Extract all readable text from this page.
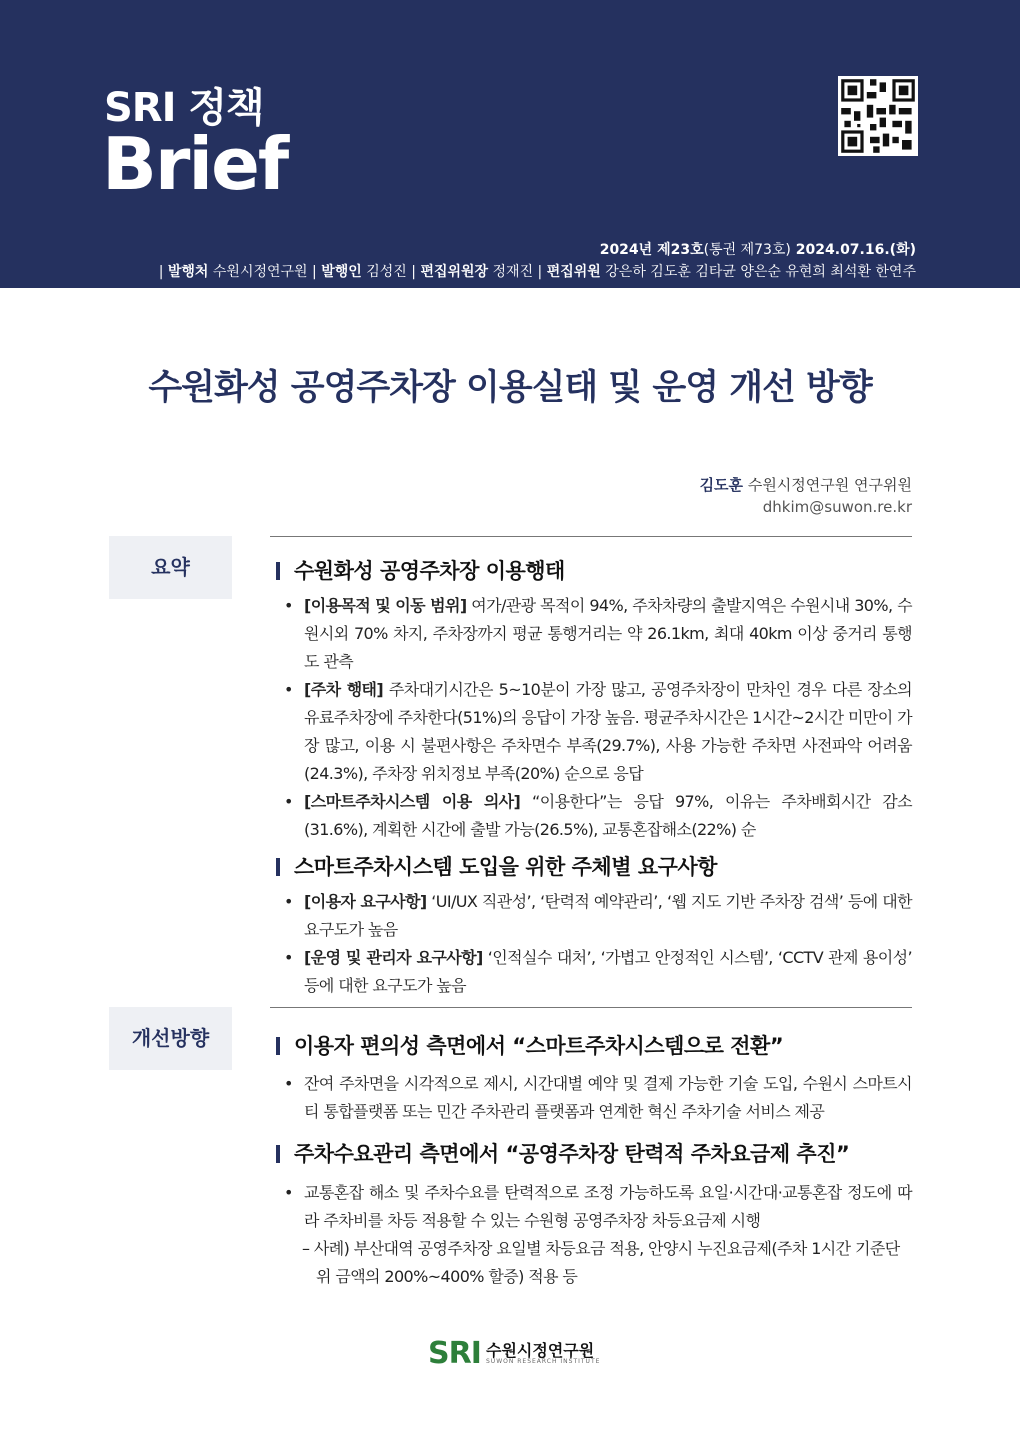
SRI 정책
Brief
2024년 제23호(통권 제73호) 2024.07.16.(화)
| 발행처 수원시정연구원 | 발행인 김성진 | 편집위원장 정재진 | 편집위원 강은하 김도훈 김타균 양은순 유현희 최석환 한연주
수원화성 공영주차장 이용실태 및 운영 개선 방향
김도훈 수원시정연구원 연구위원
dhkim@suwon.re.kr
요약	수원화성 공영주차장 이용행태
• [이용목적 및 이동 범위] 여가/관광 목적이 94%, 주차차량의 출발지역은 수원시내 30%, 수원시외 70% 차지, 주차장까지 평균 통행거리는 약 26.1km, 최대 40km 이상 중거리 통행도 관측
• [주차 행태] 주차대기시간은 5~10분이 가장 많고, 공영주차장이 만차인 경우 다른 장소의 유료주차장에 주차한다(51%)의 응답이 가장 높음. 평균주차시간은 1시간~2시간 미만이 가장 많고, 이용 시 불편사항은 주차면수 부족(29.7%), 사용 가능한 주차면 사전파악 어려움(24.3%), 주차장 위치정보 부족(20%) 순으로 응답
• [스마트주차시스템 이용 의사] “이용한다”는 응답 97%, 이유는 주차배회시간 감소(31.6%), 계획한 시간에 출발 가능(26.5%), 교통혼잡해소(22%) 순
스마트주차시스템 도입을 위한 주체별 요구사항
• [이용자 요구사항] ‘UI/UX 직관성’, ‘탄력적 예약관리’, ‘웹 지도 기반 주차장 검색’ 등에 대한 요구도가 높음
• [운영 및 관리자 요구사항] ‘인적실수 대처’, ‘가볍고 안정적인 시스템’, ‘CCTV 관제 용이성’ 등에 대한 요구도가 높음
개선방향	이용자 편의성 측면에서 “스마트주차시스템으로 전환”
• 잔여 주차면을 시각적으로 제시, 시간대별 예약 및 결제 가능한 기술 도입, 수원시 스마트시티 통합플랫폼 또는 민간 주차관리 플랫폼과 연계한 혁신 주차기술 서비스 제공
주차수요관리 측면에서 “공영주차장 탄력적 주차요금제 추진”
• 교통혼잡 해소 및 주차수요를 탄력적으로 조정 가능하도록 요일·시간대·교통혼잡 정도에 따라 주차비를 차등 적용할 수 있는 수원형 공영주차장 차등요금제 시행
– 사례) 부산대역 공영주차장 요일별 차등요금 적용, 안양시 누진요금제(주차 1시간 기준단위 금액의 200%~400% 할증) 적용 등
SRI 수원시정연구원
SUWON RESEARCH INSTITUTE
